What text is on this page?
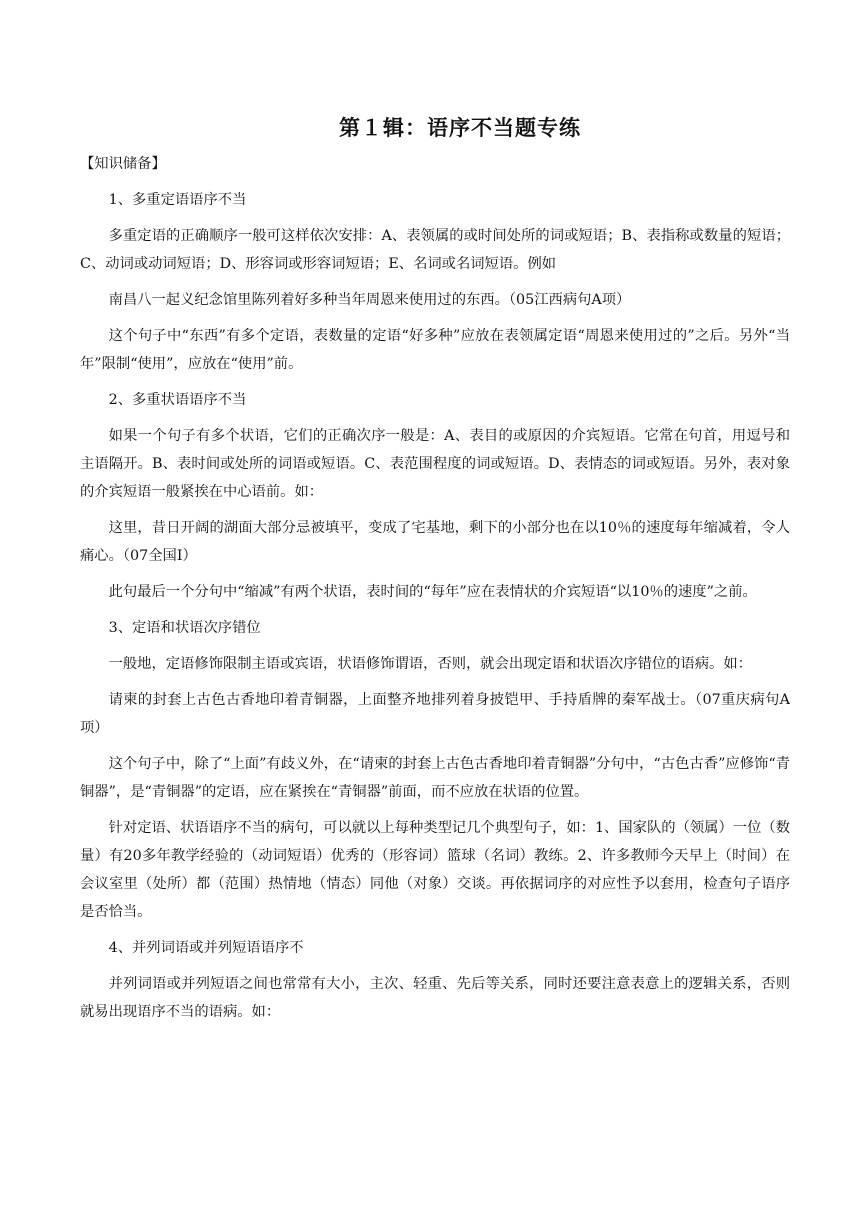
第１辑：语序不当题专练

【知识储备】

1、多重定语语序不当

多重定语的正确顺序一般可这样依次安排：A、表领属的或时间处所的词或短语；B、表指称或数量的短语；C、动词或动词短语；D、形容词或形容词短语；E、名词或名词短语。例如

南昌八一起义纪念馆里陈列着好多种当年周恩来使用过的东西。（05江西病句A项）

这个句子中“东西”有多个定语，表数量的定语“好多种”应放在表领属定语“周恩来使用过的”之后。另外“当年”限制“使用”，应放在“使用”前。

2、多重状语语序不当

如果一个句子有多个状语，它们的正确次序一般是：A、表目的或原因的介宾短语。它常在句首，用逗号和主语隔开。B、表时间或处所的词语或短语。C、表范围程度的词或短语。D、表情态的词或短语。另外，表对象的介宾短语一般紧挨在中心语前。如：

这里，昔日开阔的湖面大部分忌被填平，变成了宅基地，剩下的小部分也在以10％的速度每年缩减着，令人痛心。（07全国Ⅰ）

此句最后一个分句中“缩减”有两个状语，表时间的“每年”应在表情状的介宾短语“以10％的速度”之前。

3、定语和状语次序错位

一般地，定语修饰限制主语或宾语，状语修饰谓语，否则，就会出现定语和状语次序错位的语病。如：

请柬的封套上古色古香地印着青铜器，上面整齐地排列着身披铠甲、手持盾牌的秦军战士。（07重庆病句A项）

这个句子中，除了“上面”有歧义外，在“请柬的封套上古色古香地印着青铜器”分句中，“古色古香”应修饰“青铜器”，是“青铜器”的定语，应在紧挨在“青铜器”前面，而不应放在状语的位置。

针对定语、状语语序不当的病句，可以就以上每种类型记几个典型句子，如：1、国家队的（领属）一位（数量）有20多年教学经验的（动词短语）优秀的（形容词）篮球（名词）教练。2、许多教师今天早上（时间）在会议室里（处所）都（范围）热情地（情态）同他（对象）交谈。再依据词序的对应性予以套用，检查句子语序是否恰当。

4、并列词语或并列短语语序不

并列词语或并列短语之间也常常有大小，主次、轻重、先后等关系，同时还要注意表意上的逻辑关系，否则就易出现语序不当的语病。如：
